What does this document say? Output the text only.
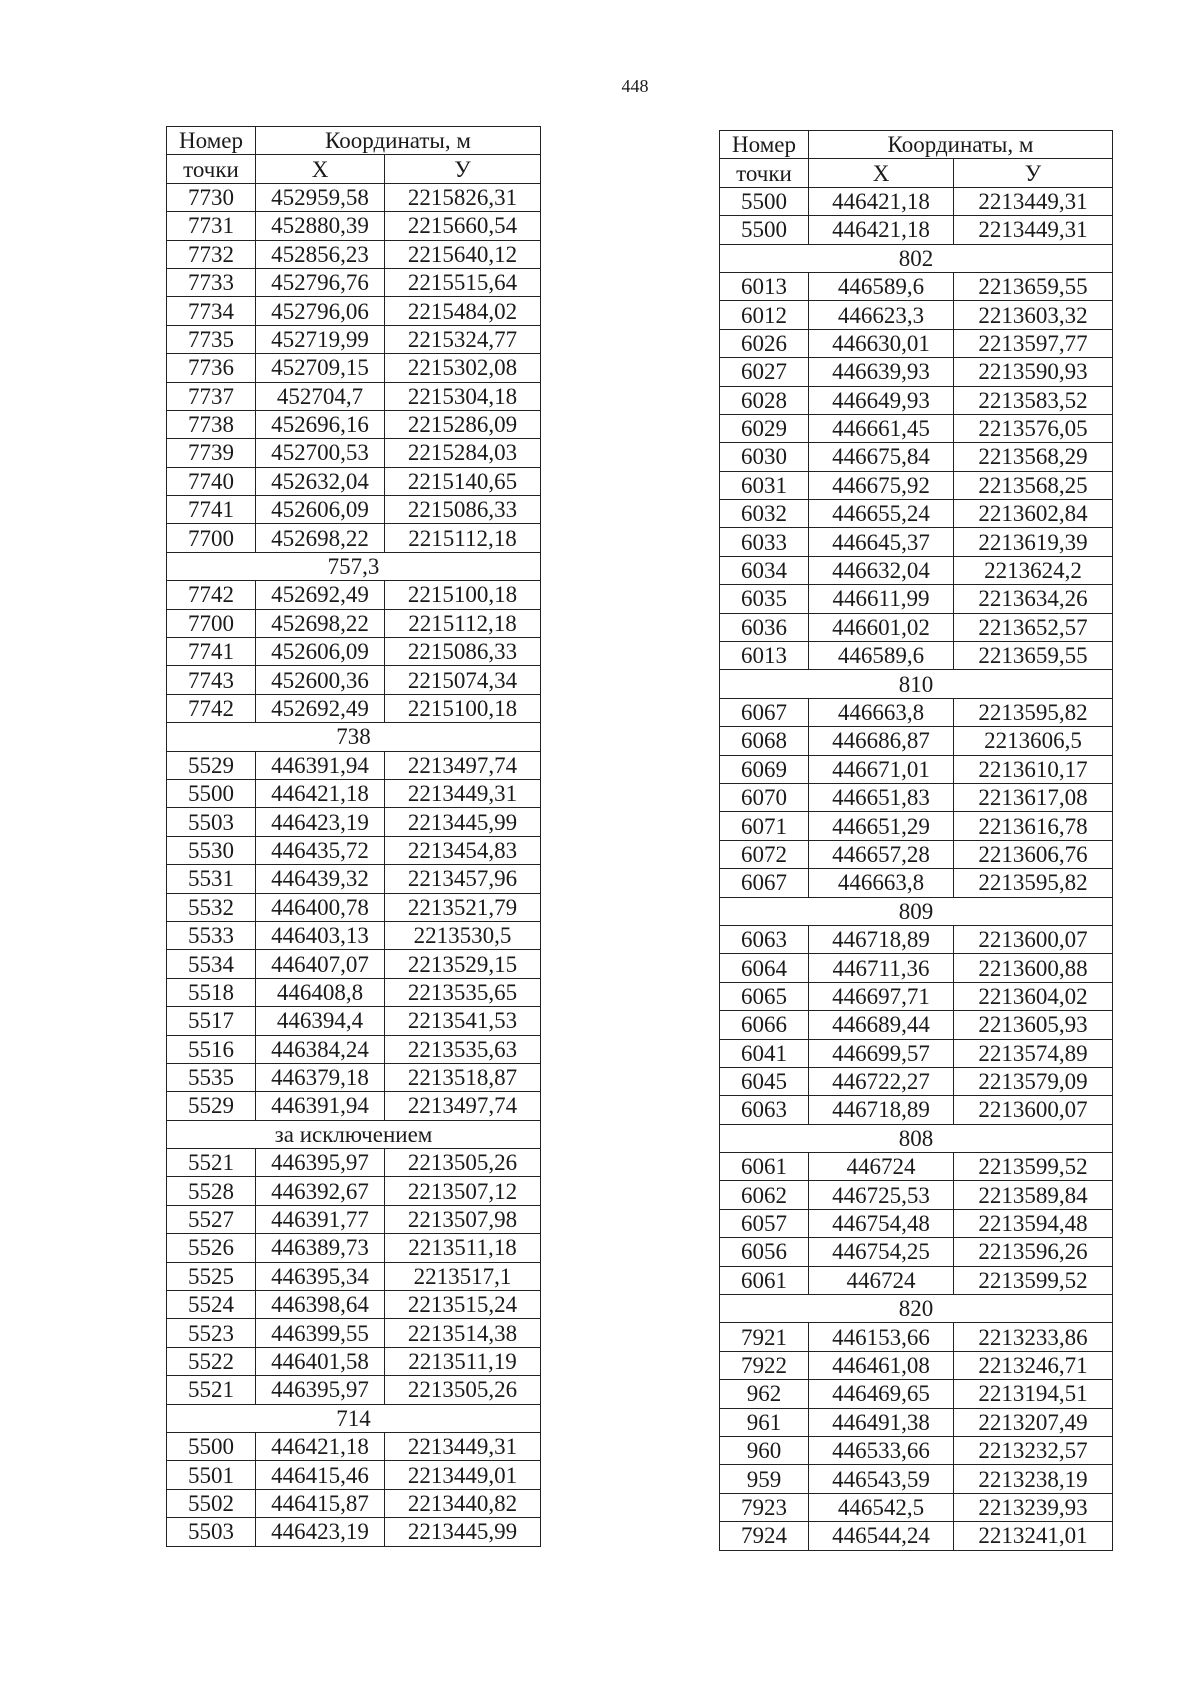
448
Номер	Координаты, м	
точки	X	У
7730	452959,58	2215826,31
7731	452880,39	2215660,54
7732	452856,23	2215640,12
7733	452796,76	2215515,64
7734	452796,06	2215484,02
7735	452719,99	2215324,77
7736	452709,15	2215302,08
7737	452704,7	2215304,18
7738	452696,16	2215286,09
7739	452700,53	2215284,03
7740	452632,04	2215140,65
7741	452606,09	2215086,33
7700	452698,22	2215112,18
757,3		
7742	452692,49	2215100,18
7700	452698,22	2215112,18
7741	452606,09	2215086,33
7743	452600,36	2215074,34
7742	452692,49	2215100,18
738		
5529	446391,94	2213497,74
5500	446421,18	2213449,31
5503	446423,19	2213445,99
5530	446435,72	2213454,83
5531	446439,32	2213457,96
5532	446400,78	2213521,79
5533	446403,13	2213530,5
5534	446407,07	2213529,15
5518	446408,8	2213535,65
5517	446394,4	2213541,53
5516	446384,24	2213535,63
5535	446379,18	2213518,87
5529	446391,94	2213497,74
за исключением		
5521	446395,97	2213505,26
5528	446392,67	2213507,12
5527	446391,77	2213507,98
5526	446389,73	2213511,18
5525	446395,34	2213517,1
5524	446398,64	2213515,24
5523	446399,55	2213514,38
5522	446401,58	2213511,19
5521	446395,97	2213505,26
714		
5500	446421,18	2213449,31
5501	446415,46	2213449,01
5502	446415,87	2213440,82
5503	446423,19	2213445,99
Номер	Координаты, м	
точки	X	У
5500	446421,18	2213449,31
5500	446421,18	2213449,31
802		
6013	446589,6	2213659,55
6012	446623,3	2213603,32
6026	446630,01	2213597,77
6027	446639,93	2213590,93
6028	446649,93	2213583,52
6029	446661,45	2213576,05
6030	446675,84	2213568,29
6031	446675,92	2213568,25
6032	446655,24	2213602,84
6033	446645,37	2213619,39
6034	446632,04	2213624,2
6035	446611,99	2213634,26
6036	446601,02	2213652,57
6013	446589,6	2213659,55
810		
6067	446663,8	2213595,82
6068	446686,87	2213606,5
6069	446671,01	2213610,17
6070	446651,83	2213617,08
6071	446651,29	2213616,78
6072	446657,28	2213606,76
6067	446663,8	2213595,82
809		
6063	446718,89	2213600,07
6064	446711,36	2213600,88
6065	446697,71	2213604,02
6066	446689,44	2213605,93
6041	446699,57	2213574,89
6045	446722,27	2213579,09
6063	446718,89	2213600,07
808		
6061	446724	2213599,52
6062	446725,53	2213589,84
6057	446754,48	2213594,48
6056	446754,25	2213596,26
6061	446724	2213599,52
820		
7921	446153,66	2213233,86
7922	446461,08	2213246,71
962	446469,65	2213194,51
961	446491,38	2213207,49
960	446533,66	2213232,57
959	446543,59	2213238,19
7923	446542,5	2213239,93
7924	446544,24	2213241,01
